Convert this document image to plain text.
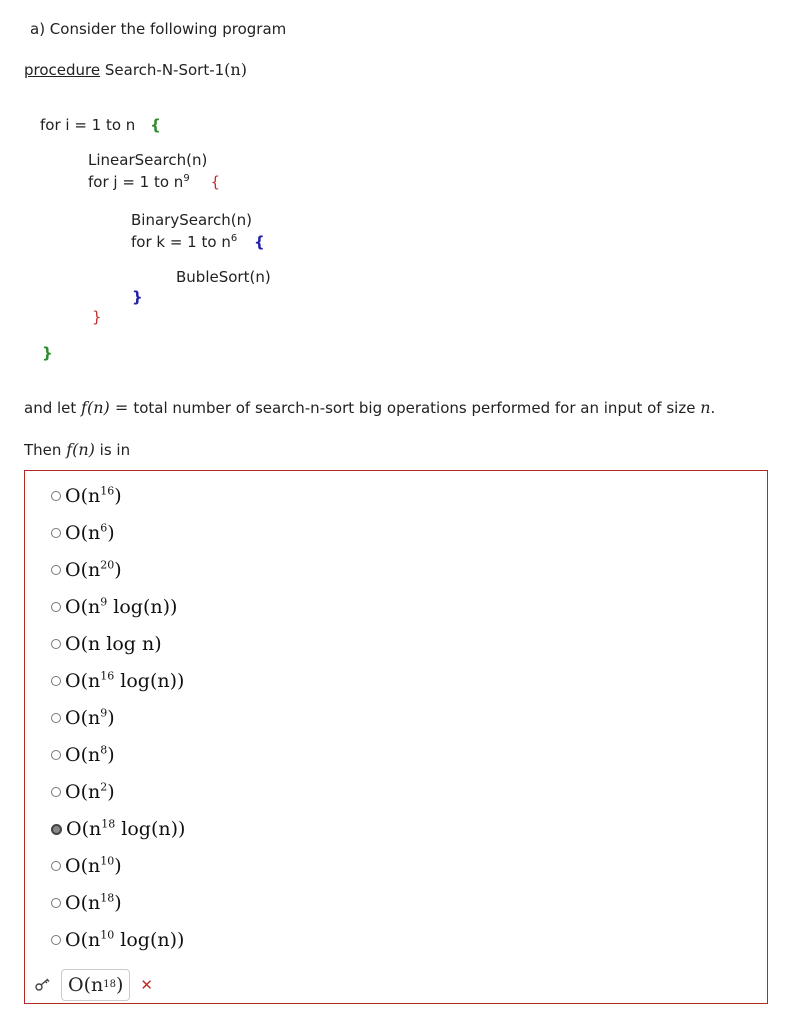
a) Consider the following program
procedure Search-N-Sort-1(n)
for i = 1 to n {
LinearSearch(n)
for j = 1 to $n^9$ {
BinarySearch(n)
for k = 1 to $n^6$ {
BubleSort(n)
}
}
}
and let f(n) = total number of search-n-sort big operations performed for an input of size n.
Then f(n) is in
$O(n^{16})$
$O(n^6)$
$O(n^{20})$
$O(n^9$ log(n))
O(n log n)
$O(n^{16}$ log(n))
$O(n^9)$
$O(n^8)$
$O(n^2)$
$O(n^{18}$ log(n))
$O(n^{10})$
$O(n^{18})$
$O(n^{10}$ log(n))
O(n 18 ) ✕
